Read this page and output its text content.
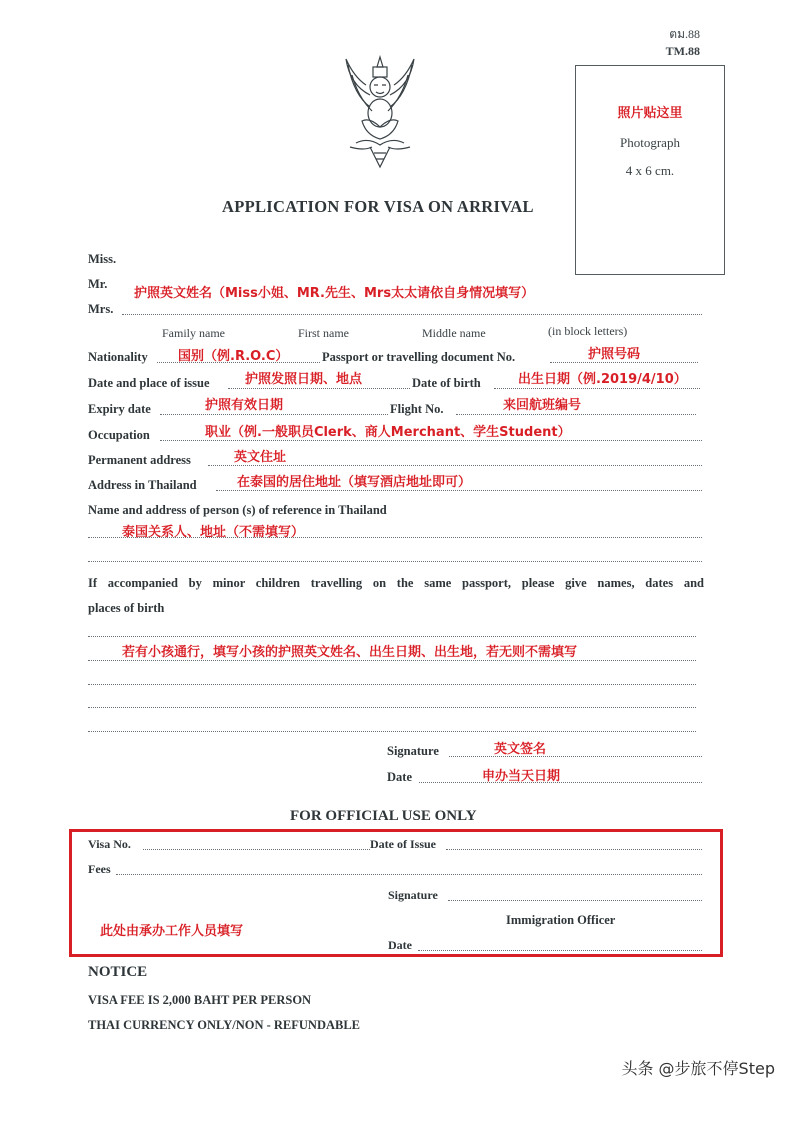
ตม.88
TM.88
APPLICATION FOR VISA ON ARRIVAL
照片贴这里
Photograph
4 x 6 cm.
Miss.
Mr.
护照英文姓名（Miss小姐、MR.先生、Mrs太太请依自身情况填写）
Mrs.
Family name	First name	Middle name	(in block letters)
Nationality 国别（例.R.O.C）	Passport or travelling document No.	护照号码
Date and place of issue	护照发照日期、地点	Date of birth	出生日期（例.2019/4/10）
Expiry date	护照有效日期	Flight No.	来回航班编号
Occupation	职业（例.一般职员Clerk、商人Merchant、学生Student）
Permanent address	英文住址
Address in Thailand	在泰国的居住地址（填写酒店地址即可）
Name and address of person (s) of reference in Thailand
泰国关系人、地址（不需填写）
If accompanied by minor children travelling on the same passport, please give names, dates and
places of birth
若有小孩通行，填写小孩的护照英文姓名、出生日期、出生地，若无则不需填写
Signature	英文签名
Date	申办当天日期
FOR OFFICIAL USE ONLY
Visa No.	Date of Issue
Fees
Signature
Immigration Officer
此处由承办工作人员填写
Date
NOTICE
VISA FEE IS 2,000 BAHT PER PERSON
THAI CURRENCY ONLY/NON - REFUNDABLE
头条 @步旅不停Step
